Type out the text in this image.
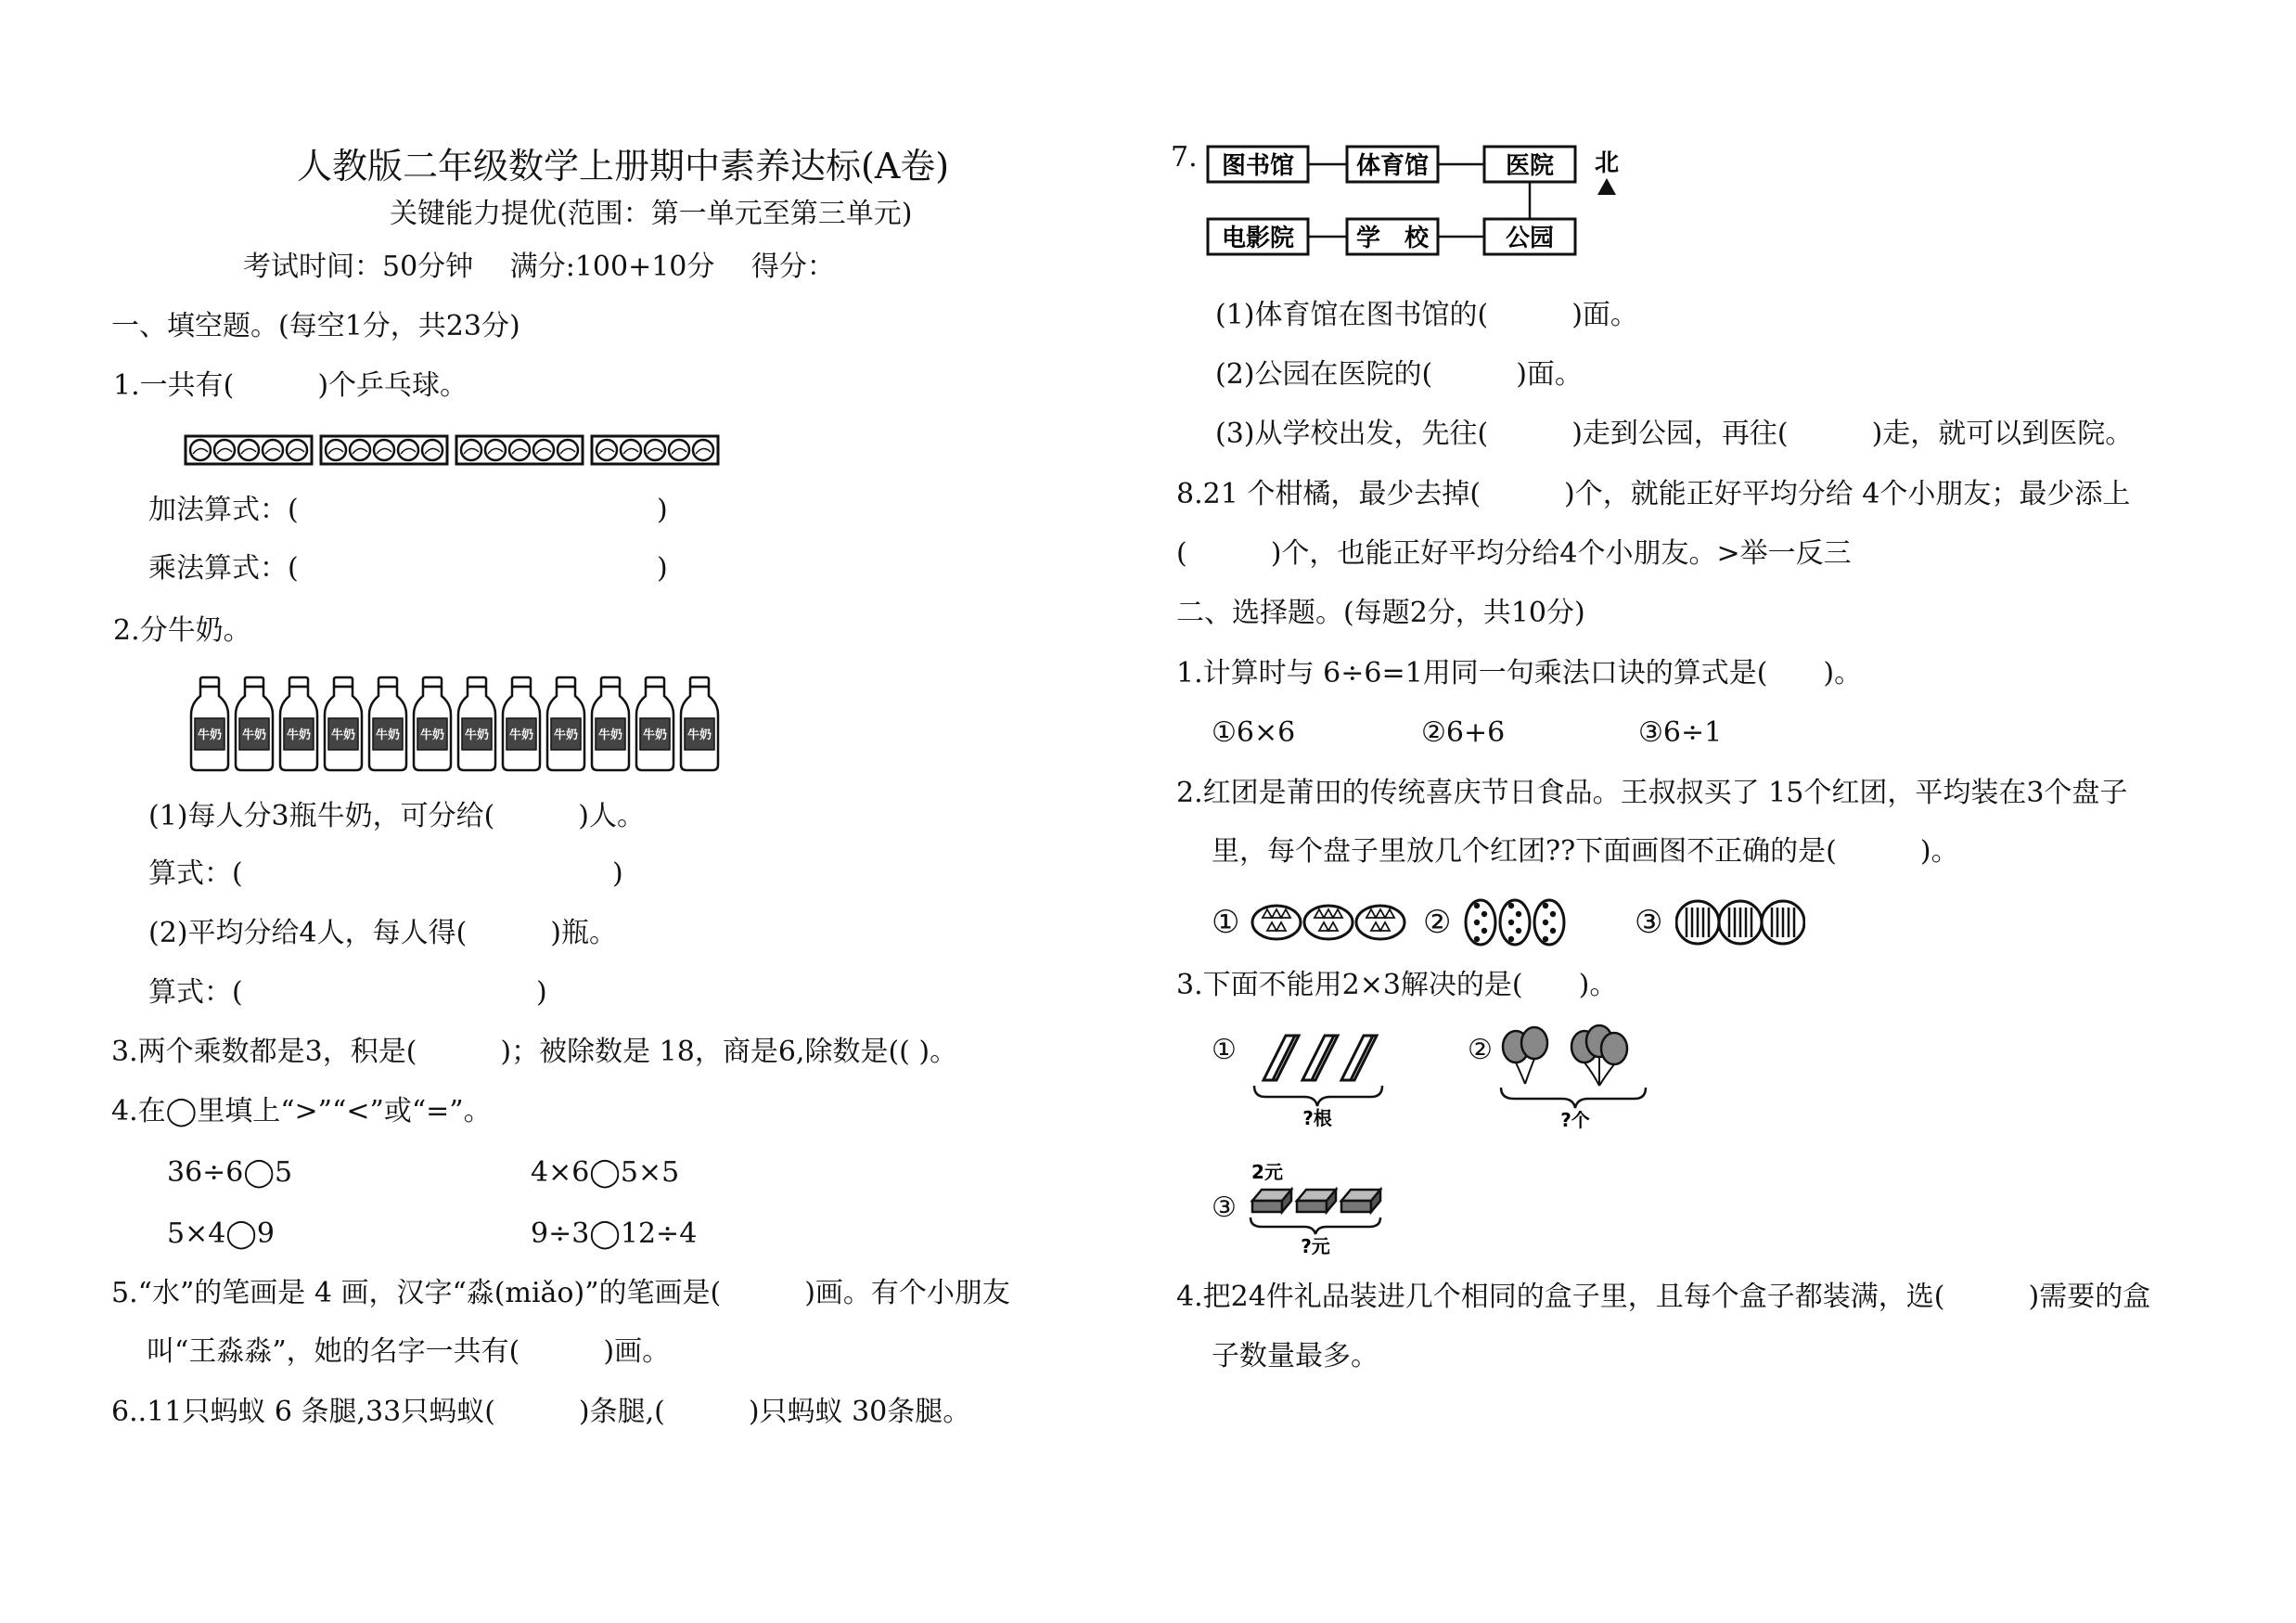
人教版二年级数学上册期中素养达标(A卷)
关键能力提优(范围：第一单元至第三单元)
考试时间：50分钟　 满分:100+10分　 得分：
一、填空题。(每空1分，共23分)
1.一共有(　　　)个乒乓球。
加法算式：(	)
乘法算式：(	)
2.分牛奶。
牛奶 牛奶 牛奶 牛奶 牛奶 牛奶 牛奶 牛奶 牛奶 牛奶 牛奶 牛奶
(1)每人分3瓶牛奶，可分给(　　　)人。
算式：(	)
(2)平均分给4人，每人得(　　　)瓶。
算式：(	)
3.两个乘数都是3，积是(　　　)；被除数是 18，商是6,除数是(( )。
4.在◯里填上“>”“<”或“=”。
36÷6◯5	4×6◯5×5
5×4◯9	9÷3◯12÷4
5.“水”的笔画是 4 画，汉字“淼(miǎo)”的笔画是(　　　)画。有个小朋友
叫“王淼淼”，她的名字一共有(　　　)画。
6..11只蚂蚁 6 条腿,33只蚂蚁(　　　)条腿,(　　　)只蚂蚁 30条腿。
7. 图书馆	体育馆	医院
电影院	学　校	公园
北
(1)体育馆在图书馆的(　　　)面。
(2)公园在医院的(　　　)面。
(3)从学校出发，先往(　　　)走到公园，再往(　　　)走，就可以到医院。
8.21 个柑橘，最少去掉(　　　)个，就能正好平均分给 4个小朋友；最少添上
(　　　)个，也能正好平均分给4个小朋友。>举一反三
二、选择题。(每题2分，共10分)
1.计算时与 6÷6=1用同一句乘法口诀的算式是(　　)。
①6×6	②6+6	③6÷1
2.红团是莆田的传统喜庆节日食品。王叔叔买了 15个红团，平均装在3个盘子
里，每个盘子里放几个红团??下面画图不正确的是(　　　)。
①	②	③
3.下面不能用2×3解决的是(　　)。
①
?根
②
?个
③
2元
?元
4.把24件礼品装进几个相同的盒子里，且每个盒子都装满，选(　　　)需要的盒
子数量最多。
